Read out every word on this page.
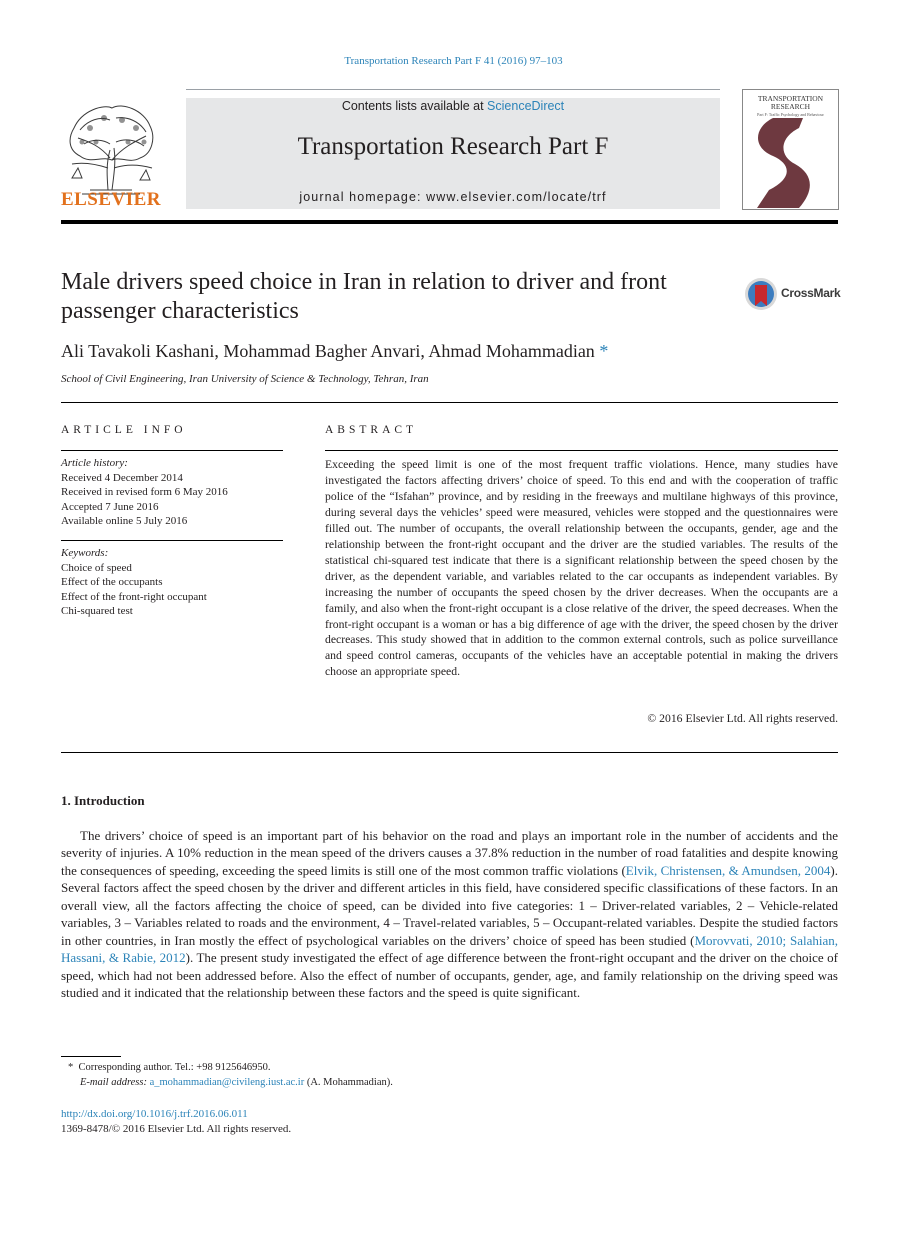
Transportation Research Part F 41 (2016) 97–103
ELSEVIER
Contents lists available at ScienceDirect
Transportation Research Part F
journal homepage: www.elsevier.com/locate/trf
TRANSPORTATION RESEARCH
Part F: Traffic Psychology and Behaviour
Male drivers speed choice in Iran in relation to driver and front passenger characteristics
CrossMark
Ali Tavakoli Kashani, Mohammad Bagher Anvari, Ahmad Mohammadian *
School of Civil Engineering, Iran University of Science & Technology, Tehran, Iran
ARTICLE INFO
Article history:
Received 4 December 2014
Received in revised form 6 May 2016
Accepted 7 June 2016
Available online 5 July 2016
Keywords:
Choice of speed
Effect of the occupants
Effect of the front-right occupant
Chi-squared test
ABSTRACT
Exceeding the speed limit is one of the most frequent traffic violations. Hence, many studies have investigated the factors affecting drivers’ choice of speed. To this end and with the cooperation of traffic police of the “Isfahan” province, and by residing in the freeways and multilane highways of this province, during several days the vehicles’ speed were measured, vehicles were stopped and the questionnaires were filled out. The number of occupants, the overall relationship between the occupants, gender, age and the relationship between the front-right occupant and the driver are the studied variables. The results of the statistical chi-squared test indicate that there is a significant relationship between the speed chosen by the driver, as the dependent variable, and variables related to the car occupants as independent variables. By increasing the number of occupants the speed chosen by the driver decreases. When the occupants are a family, and also when the front-right occupant is a close relative of the driver, the speed decreases. When the front-right occupant is a woman or has a big difference of age with the driver, the speed chosen by the driver decreases. This study showed that in addition to the common external controls, such as police surveillance and speed control cameras, occupants of the vehicles have an acceptable potential in making the drivers choose an appropriate speed.
© 2016 Elsevier Ltd. All rights reserved.
1. Introduction

The drivers’ choice of speed is an important part of his behavior on the road and plays an important role in the number of accidents and the severity of injuries. A 10% reduction in the mean speed of the drivers causes a 37.8% reduction in the number of road fatalities and despite knowing the consequences of speeding, exceeding the speed limits is still one of the most common traffic violations (Elvik, Christensen, & Amundsen, 2004). Several factors affect the speed chosen by the driver and different articles in this field, have considered specific classifications of these factors. In an overall view, all the factors affecting the choice of speed, can be divided into five categories: 1 – Driver-related variables, 2 – Vehicle-related variables, 3 – Variables related to roads and the environment, 4 – Travel-related variables, 5 – Occupant-related variables. Despite the studied factors in other countries, in Iran mostly the effect of psychological variables on the drivers’ choice of speed has been studied (Morovvati, 2010; Salahian, Hassani, & Rabie, 2012). The present study investigated the effect of age difference between the front-right occupant and the driver on the choice of speed, which had not been addressed before. Also the effect of number of occupants, gender, age, and family relationship on the driving speed was studied and it indicated that the relationship between these factors and the speed is quite significant.

* Corresponding author. Tel.: +98 9125646950.
E-mail address: a_mohammadian@civileng.iust.ac.ir (A. Mohammadian).
http://dx.doi.org/10.1016/j.trf.2016.06.011
1369-8478/© 2016 Elsevier Ltd. All rights reserved.
